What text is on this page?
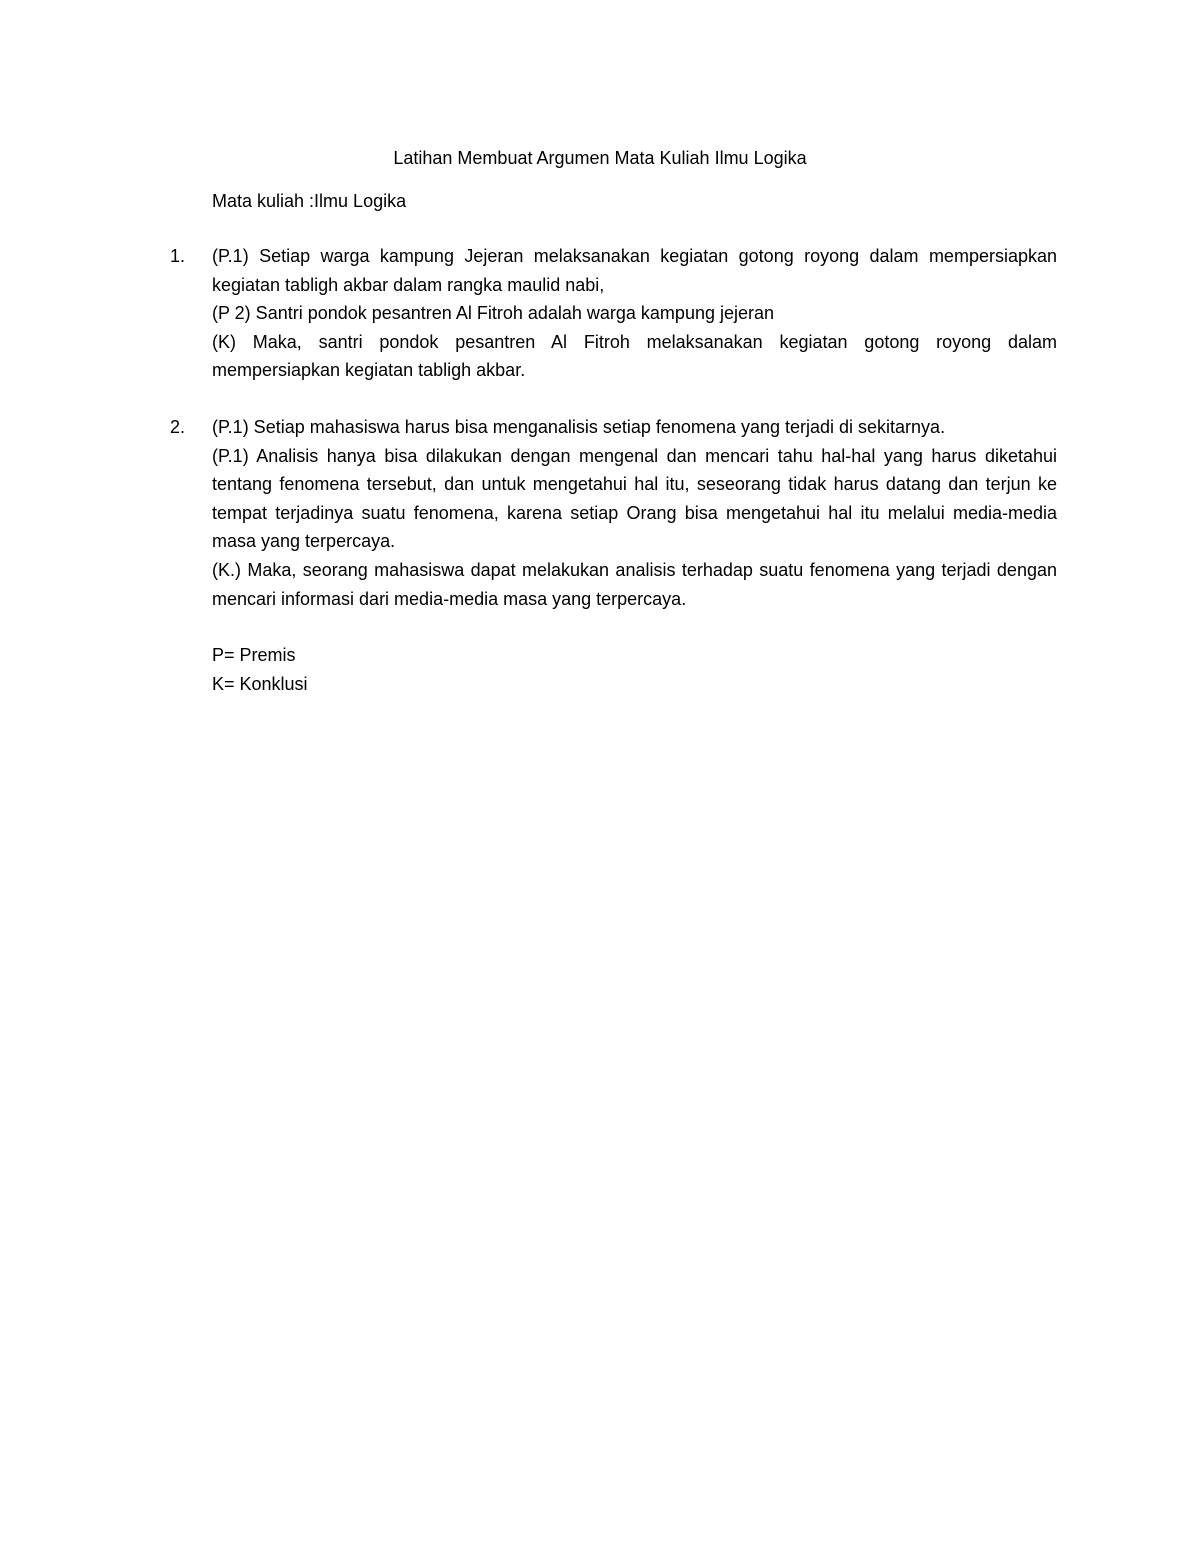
Latihan Membuat Argumen Mata Kuliah Ilmu Logika
Mata kuliah :Ilmu Logika
1.	(P.1) Setiap warga kampung Jejeran melaksanakan kegiatan gotong royong dalam mempersiapkan kegiatan tabligh akbar dalam rangka maulid nabi,

(P 2) Santri pondok pesantren Al Fitroh adalah warga kampung jejeran

(K) Maka, santri pondok pesantren Al Fitroh melaksanakan kegiatan gotong royong dalam mempersiapkan kegiatan tabligh akbar.

2.	(P.1) Setiap mahasiswa harus bisa menganalisis setiap fenomena yang terjadi di sekitarnya.

(P.1) Analisis hanya bisa dilakukan dengan mengenal dan mencari tahu hal-hal yang harus diketahui tentang fenomena tersebut, dan untuk mengetahui hal itu, seseorang tidak harus datang dan terjun ke tempat terjadinya suatu fenomena, karena setiap Orang bisa mengetahui hal itu melalui media-media masa yang terpercaya.

(K.) Maka, seorang mahasiswa dapat melakukan analisis terhadap suatu fenomena yang terjadi dengan mencari informasi dari media-media masa yang terpercaya.

P= Premis
K= Konklusi
